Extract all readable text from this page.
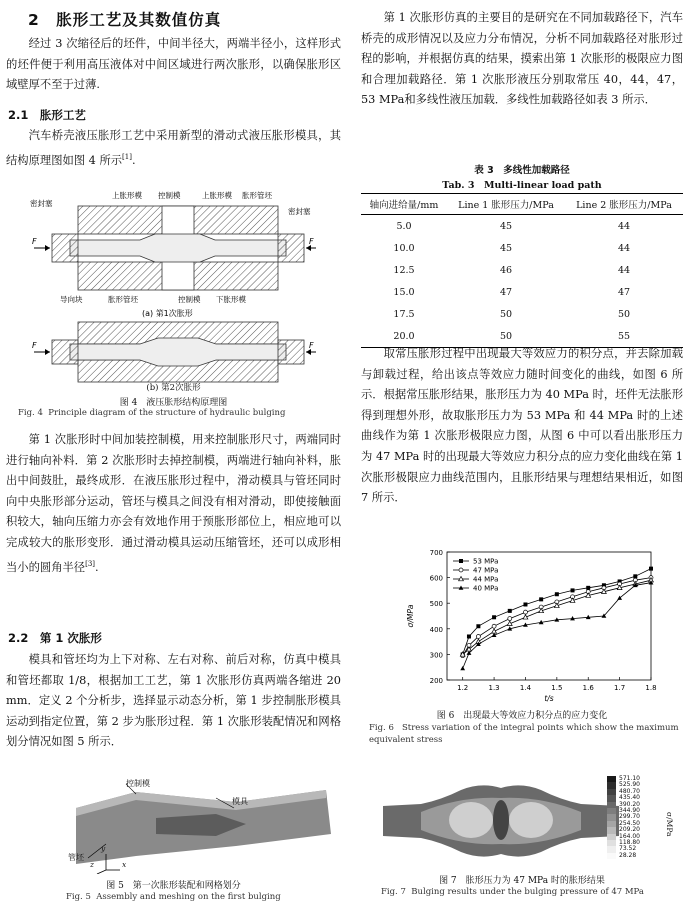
2　胀形工艺及其数值仿真

经过 3 次缩径后的坯件，中间半径大，两端半径小，这样形式的坯件便于利用高压液体对中间区域进行两次胀形，以确保胀形区域壁厚不至于过薄.

2.1　胀形工艺

汽车桥壳液压胀形工艺中采用新型的滑动式液压胀形模具，其结构原理图如图 4 所示[1].

F	F
上胀形模 控制模	上胀形模 胀形管坯
密封塞
密封塞
导向块	胀形管坯	控制模 下胀形模
(a) 第1次胀形
F	F
(b) 第2次胀形
图 4　液压胀形结构原理图
Fig. 4 Principle diagram of the structure of hydraulic bulging

第 1 次胀形时中间加装控制模，用来控制胀形尺寸，两端同时进行轴向补料．第 2 次胀形时去掉控制模，两端进行轴向补料，胀出中间鼓肚，最终成形．在液压胀形过程中，滑动模具与管坯同时向中央胀形部分运动，管坯与模具之间没有相对滑动，即使接触面积较大，轴向压缩力亦会有效地作用于预胀形部位上，相应地可以完成较大的胀形变形．通过滑动模具运动压缩管坯，还可以成形相当小的圆角半径[3].

2.2　第 1 次胀形

模具和管坯均为上下对称、左右对称、前后对称，仿真中模具和管坯都取 1/8，根据加工工艺，第 1 次胀形仿真两端各缩进 20 mm．定义 2 个分析步，选择显示动态分析，第 1 步控制胀形模具运动到指定位置，第 2 步为胀形过程．第 1 次胀形装配情况和网格划分情况如图 5 所示．

控制模
模具
管坯
y
z	x
图 5　第一次胀形装配和网格划分
Fig. 5 Assembly and meshing on the first bulging

第 1 次胀形仿真的主要目的是研究在不同加载路径下，汽车桥壳的成形情况以及应力分布情况，分析不同加载路径对胀形过程的影响，并根据仿真的结果，摸索出第 1 次胀形的极限应力图和合理加载路径．第 1 次胀形液压分别取常压 40，44，47，53 MPa和多线性液压加载．多线性加载路径如表 3 所示．

表 3　多线性加载路径
Tab. 3　Multi-linear load path
轴向进给量/mm	Line 1 胀形压力/MPa	Line 2 胀形压力/MPa
5.0	45	44
10.0	45	44
12.5	46	44
15.0	47	47
17.5	50	50
20.0	50	55

取常压胀形过程中出现最大等效应力的积分点，并去除加载与卸载过程，给出该点等效应力随时间变化的曲线，如图 6 所示．根据常压胀形结果，胀形压力为 40 MPa 时，坯件无法胀形得到理想外形，故取胀形压力为 53 MPa 和 44 MPa 时的上述曲线作为第 1 次胀形极限应力图，从图 6 中可以看出胀形压力为 47 MPa 时的出现最大等效应力积分点的应力变化曲线在第 1 次胀形极限应力曲线范围内，且胀形结果与理想结果相近，如图 7 所示．

200
300
400
500
600
700
1.2	1.3	1.4	1.5	1.6	1.7	1.8
t/s
σ/MPa
53 MPa
47 MPa
44 MPa
40 MPa
图 6　出现最大等效应力积分点的应力变化
Fig. 6 Stress variation of the integral points which show the maximum equivalent stress
571.10
525.90
480.70
435.40
390.20
344.90
299.70
254.50
209.20
164.00
118.80
73.52
28.28
σ/MPa
图 7　胀形压力为 47 MPa 时的胀形结果
Fig. 7 Bulging results under the bulging pressure of 47 MPa
